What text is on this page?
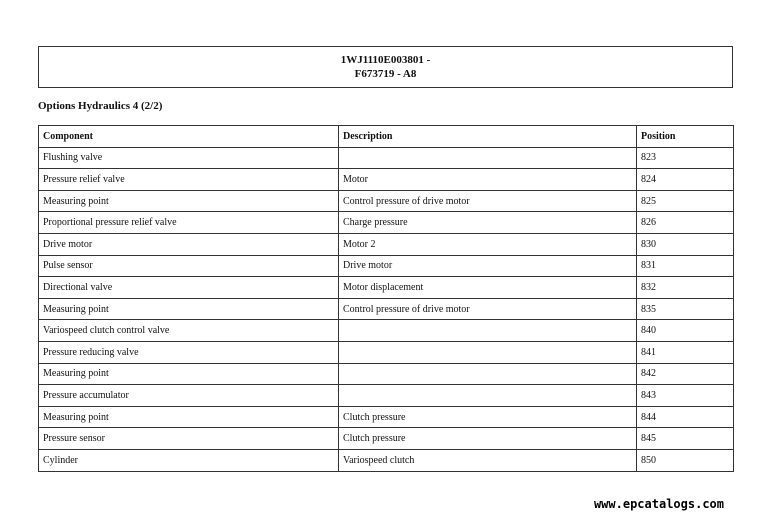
1WJ1110E003801 -
F673719 - A8
Options Hydraulics 4 (2/2)
Component	Description	Position
Flushing valve		823
Pressure relief valve	Motor	824
Measuring point	Control pressure of drive motor	825
Proportional pressure relief valve	Charge pressure	826
Drive motor	Motor 2	830
Pulse sensor	Drive motor	831
Directional valve	Motor displacement	832
Measuring point	Control pressure of drive motor	835
Variospeed clutch control valve		840
Pressure reducing valve		841
Measuring point		842
Pressure accumulator		843
Measuring point	Clutch pressure	844
Pressure sensor	Clutch pressure	845
Cylinder	Variospeed clutch	850
www.epcatalogs.com
